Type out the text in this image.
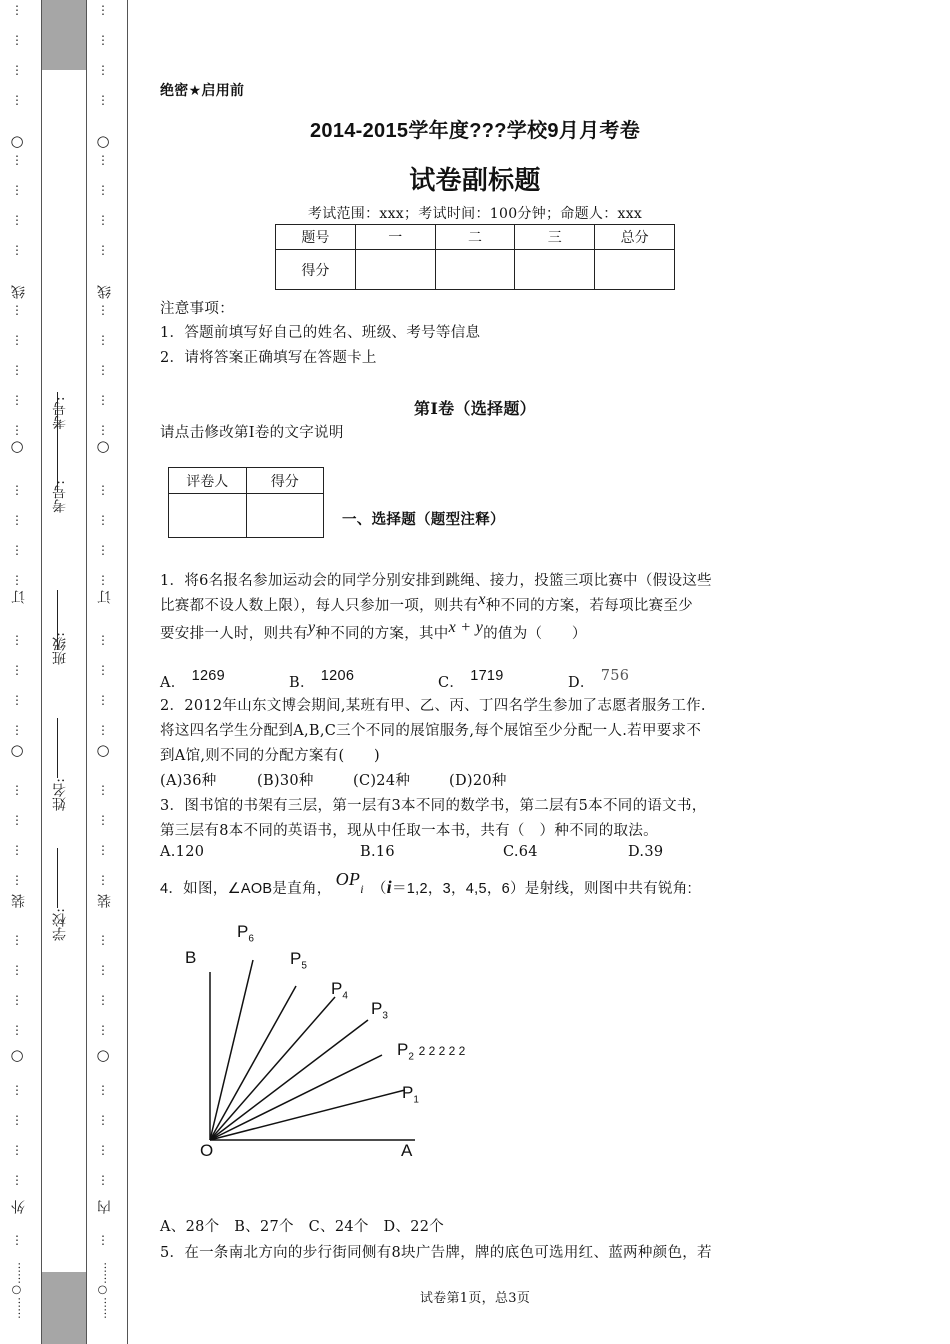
⋮
⋮
⋮
⋮
⋮
⋮
⋮
⋮
⋮
⋮
⋮
⋮
⋮
⋮
⋮
⋮
⋮
⋮
⋮
⋮
⋮
⋮
⋮
⋮
⋮
⋮
⋮
⋮
⋮
⋮
⋮
⋮
⋮
⋮
○
○
○
○
线
订
装
外
……○……
⋮
⋮
⋮
⋮
⋮
⋮
⋮
⋮
⋮
⋮
⋮
⋮
⋮
⋮
⋮
⋮
⋮
⋮
⋮
⋮
⋮
⋮
⋮
⋮
⋮
⋮
⋮
⋮
⋮
⋮
⋮
⋮
⋮
⋮
○
○
○
○
线
订
装
内
……○……
考号:
考号:
班级:
姓名:
学校:
绝密★启用前
2014-2015学年度???学校9月月考卷
试卷副标题
考试范围：xxx；考试时间：100分钟；命题人：xxx
题号	一	二	三	总分
得分				
注意事项：
1．答题前填写好自己的姓名、班级、考号等信息
2．请将答案正确填写在答题卡上
第Ⅰ卷（选择题）
请点击修改第Ⅰ卷的文字说明
评卷人	得分

一、选择题（题型注释）
1．将6名报名参加运动会的同学分别安排到跳绳、接力，投篮三项比赛中（假设这些
比赛都不设人数上限），每人只参加一项，则共有x种不同的方案，若每项比赛至少
要安排一人时，则共有y种不同的方案，其中x + y的值为（　　）
A． 1269	B． 1206	C． 1719	D． 756
2．2012年山东文博会期间,某班有甲、乙、丙、丁四名学生参加了志愿者服务工作.
将这四名学生分配到A,B,C三个不同的展馆服务,每个展馆至少分配一人.若甲要求不
到A馆,则不同的分配方案有(　　)
(A)36种	(B)30种	(C)24种	(D)20种
3．图书馆的书架有三层，第一层有3本不同的数学书，第二层有5本不同的语文书，
第三层有8本不同的英语书，现从中任取一本书，共有（　）种不同的取法。
A.120	B.16	C.64	D.39
4．如图，∠AOB是直角， OPi （i＝1,2，3，4,5，6）是射线，则图中共有锐角:
B
A
O
$P_6$
$P_5$
$P_4$
$P_3$
$P_2$ 2 2 2 2 2
$P_1$
A、28个　B、27个　C、24个　D、22个
5．在一条南北方向的步行街同侧有8块广告牌，牌的底色可选用红、蓝两种颜色，若
试卷第1页，总3页
